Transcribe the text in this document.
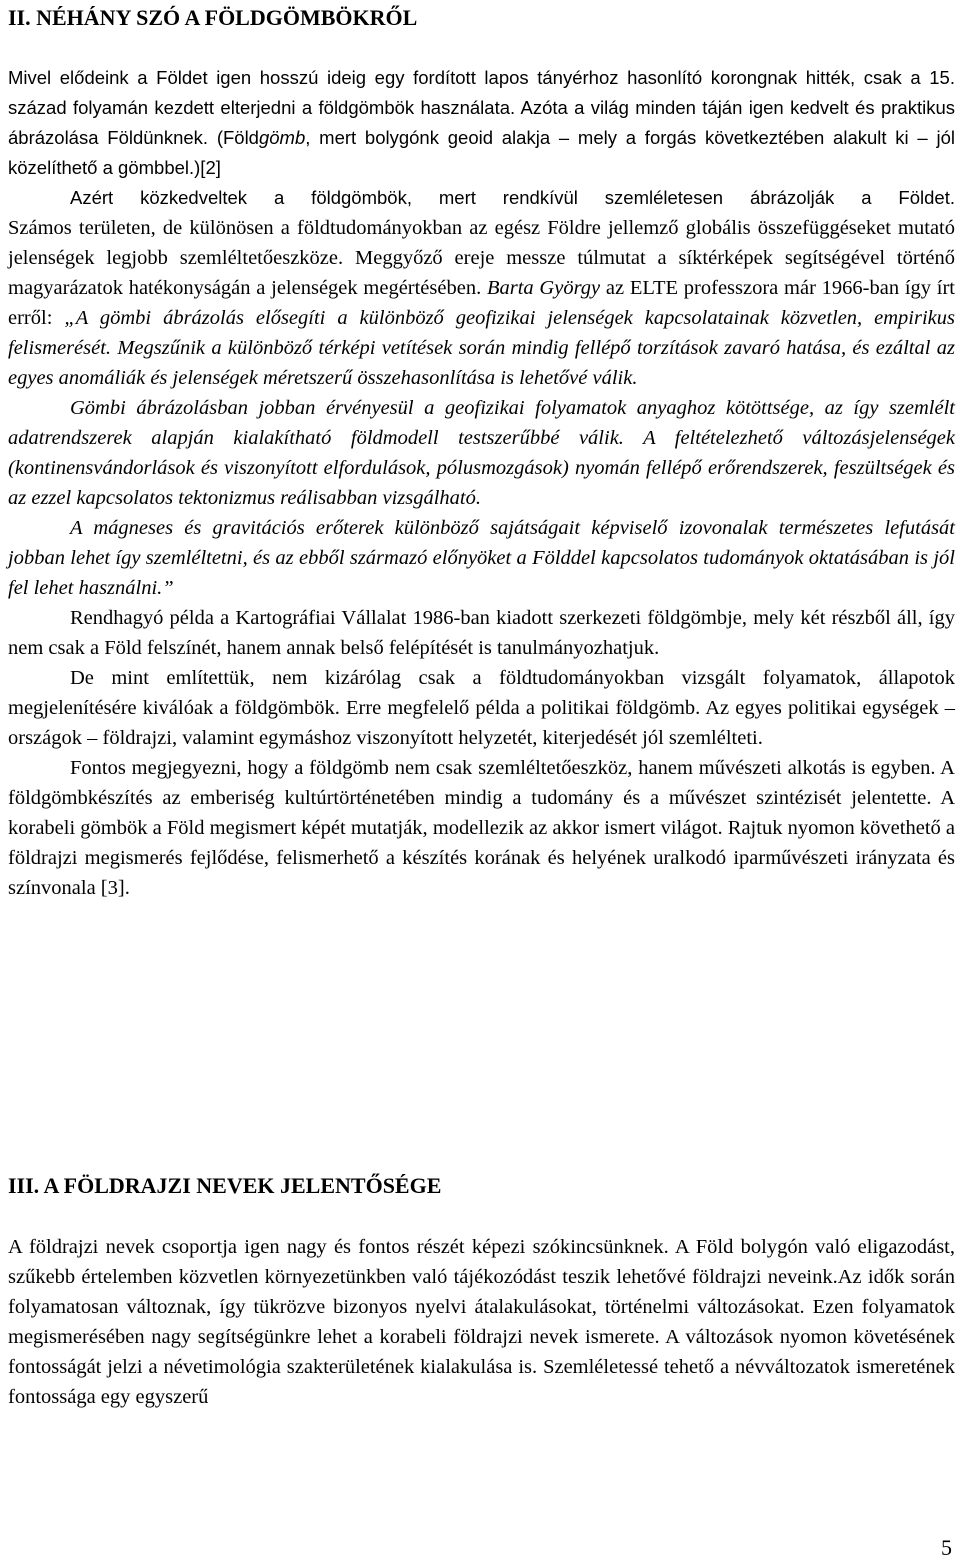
II. NÉHÁNY SZÓ A FÖLDGÖMBÖKRŐL

Mivel elődeink a Földet igen hosszú ideig egy fordított lapos tányérhoz hasonlító korongnak hitték, csak a 15. század folyamán kezdett elterjedni a földgömbök használata. Azóta a világ minden táján igen kedvelt és praktikus ábrázolása Földünknek. (Földgömb, mert bolygónk geoid alakja – mely a forgás következtében alakult ki – jól közelíthető a gömbbel.)[2]

Azért közkedveltek a földgömbök, mert rendkívül szemléletesen ábrázolják a Földet. Számos területen, de különösen a földtudományokban az egész Földre jellemző globális összefüggéseket mutató jelenségek legjobb szemléltetőeszköze. Meggyőző ereje messze túlmutat a síktérképek segítségével történő magyarázatok hatékonyságán a jelenségek megértésében. Barta György az ELTE professzora már 1966-ban így írt erről: „A gömbi ábrázolás elősegíti a különböző geofizikai jelenségek kapcsolatainak közvetlen, empirikus felismerését. Megszűnik a különböző térképi vetítések során mindig fellépő torzítások zavaró hatása, és ezáltal az egyes anomáliák és jelenségek méretszerű összehasonlítása is lehetővé válik.

Gömbi ábrázolásban jobban érvényesül a geofizikai folyamatok anyaghoz kötöttsége, az így szemlélt adatrendszerek alapján kialakítható földmodell testszerűbbé válik. A feltételezhető változásjelenségek (kontinensvándorlások és viszonyított elfordulások, pólusmozgások) nyomán fellépő erőrendszerek, feszültségek és az ezzel kapcsolatos tektonizmus reálisabban vizsgálható.

A mágneses és gravitációs erőterek különböző sajátságait képviselő izovonalak természetes lefutását jobban lehet így szemléltetni, és az ebből származó előnyöket a Földdel kapcsolatos tudományok oktatásában is jól fel lehet használni.”

Rendhagyó példa a Kartográfiai Vállalat 1986-ban kiadott szerkezeti földgömbje, mely két részből áll, így nem csak a Föld felszínét, hanem annak belső felépítését is tanulmányozhatjuk.

De mint említettük, nem kizárólag csak a földtudományokban vizsgált folyamatok, állapotok megjelenítésére kiválóak a földgömbök. Erre megfelelő példa a politikai földgömb. Az egyes politikai egységek – országok – földrajzi, valamint egymáshoz viszonyított helyzetét, kiterjedését jól szemlélteti.

Fontos megjegyezni, hogy a földgömb nem csak szemléltetőeszköz, hanem művészeti alkotás is egyben. A földgömbkészítés az emberiség kultúrtörténetében mindig a tudomány és a művészet szintézisét jelentette. A korabeli gömbök a Föld megismert képét mutatják, modellezik az akkor ismert világot. Rajtuk nyomon követhető a földrajzi megismerés fejlődése, felismerhető a készítés korának és helyének uralkodó iparművészeti irányzata és színvonala [3].

III. A FÖLDRAJZI NEVEK JELENTŐSÉGE

A földrajzi nevek csoportja igen nagy és fontos részét képezi szókincsünknek. A Föld bolygón való eligazodást, szűkebb értelemben közvetlen környezetünkben való tájékozódást teszik lehetővé földrajzi neveink.Az idők során folyamatosan változnak, így tükrözve bizonyos nyelvi átalakulásokat, történelmi változásokat. Ezen folyamatok megismerésében nagy segítségünkre lehet a korabeli földrajzi nevek ismerete. A változások nyomon követésének fontosságát jelzi a névetimológia szakterületének kialakulása is. Szemléletessé tehető a névváltozatok ismeretének fontossága egy egyszerű

5
